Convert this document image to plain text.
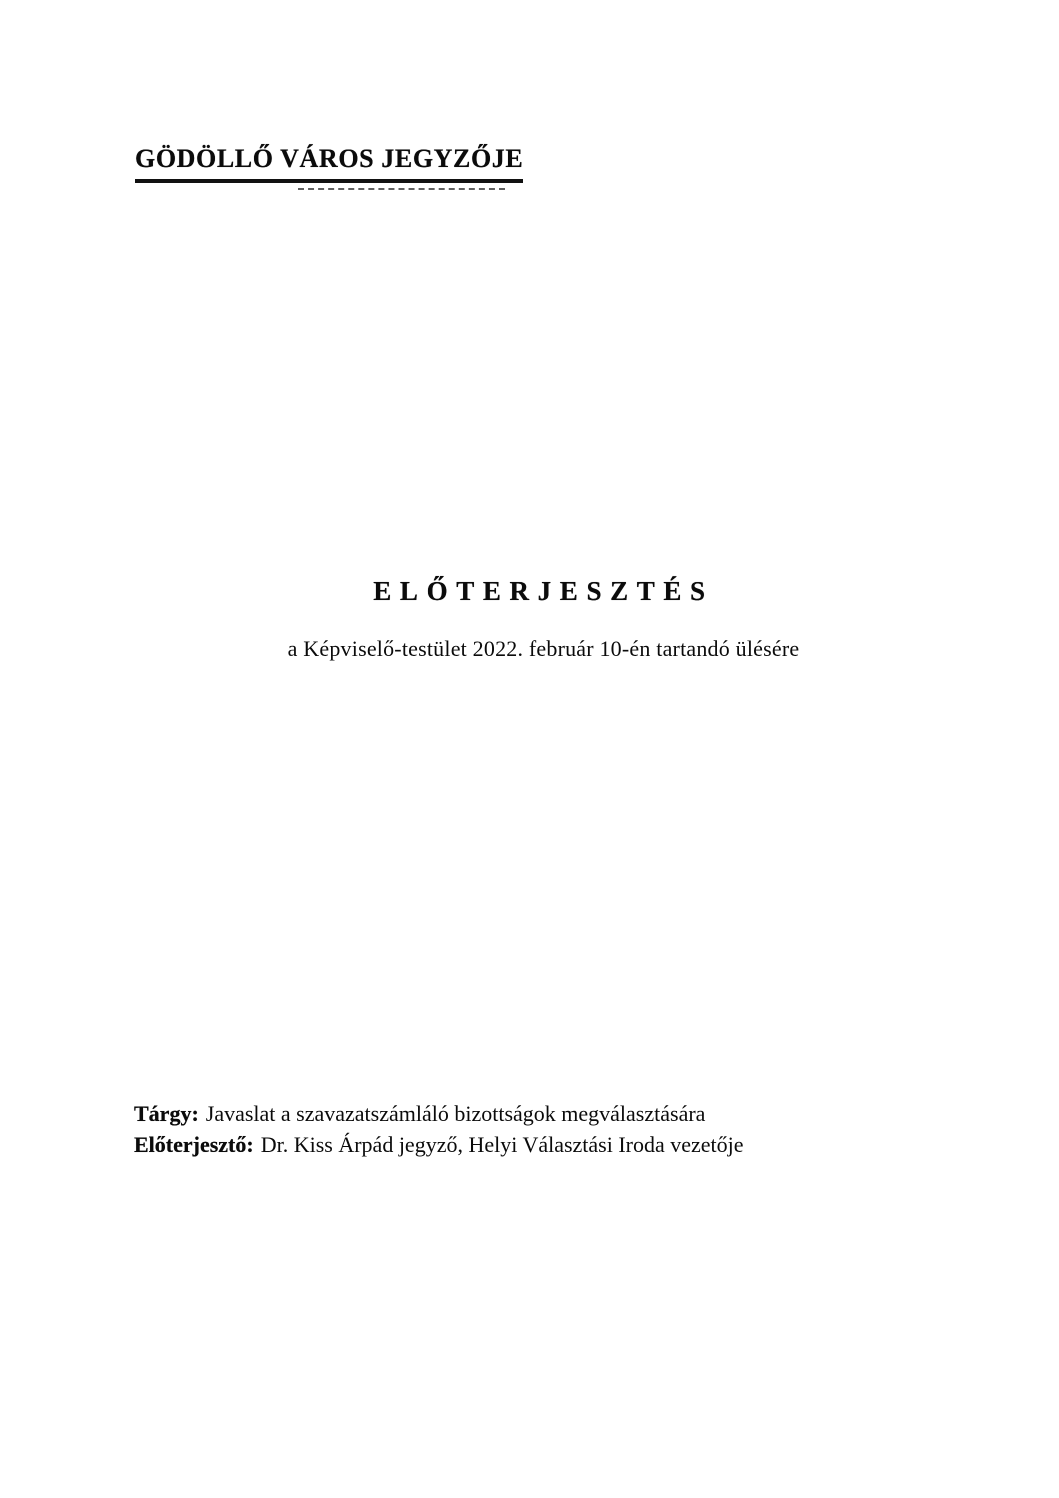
GÖDÖLLŐ VÁROS JEGYZŐJE
ELŐTERJESZTÉS
a Képviselő-testület 2022. február 10-én tartandó ülésére
Tárgy: Javaslat a szavazatszámláló bizottságok megválasztására
Előterjesztő: Dr. Kiss Árpád jegyző, Helyi Választási Iroda vezetője
